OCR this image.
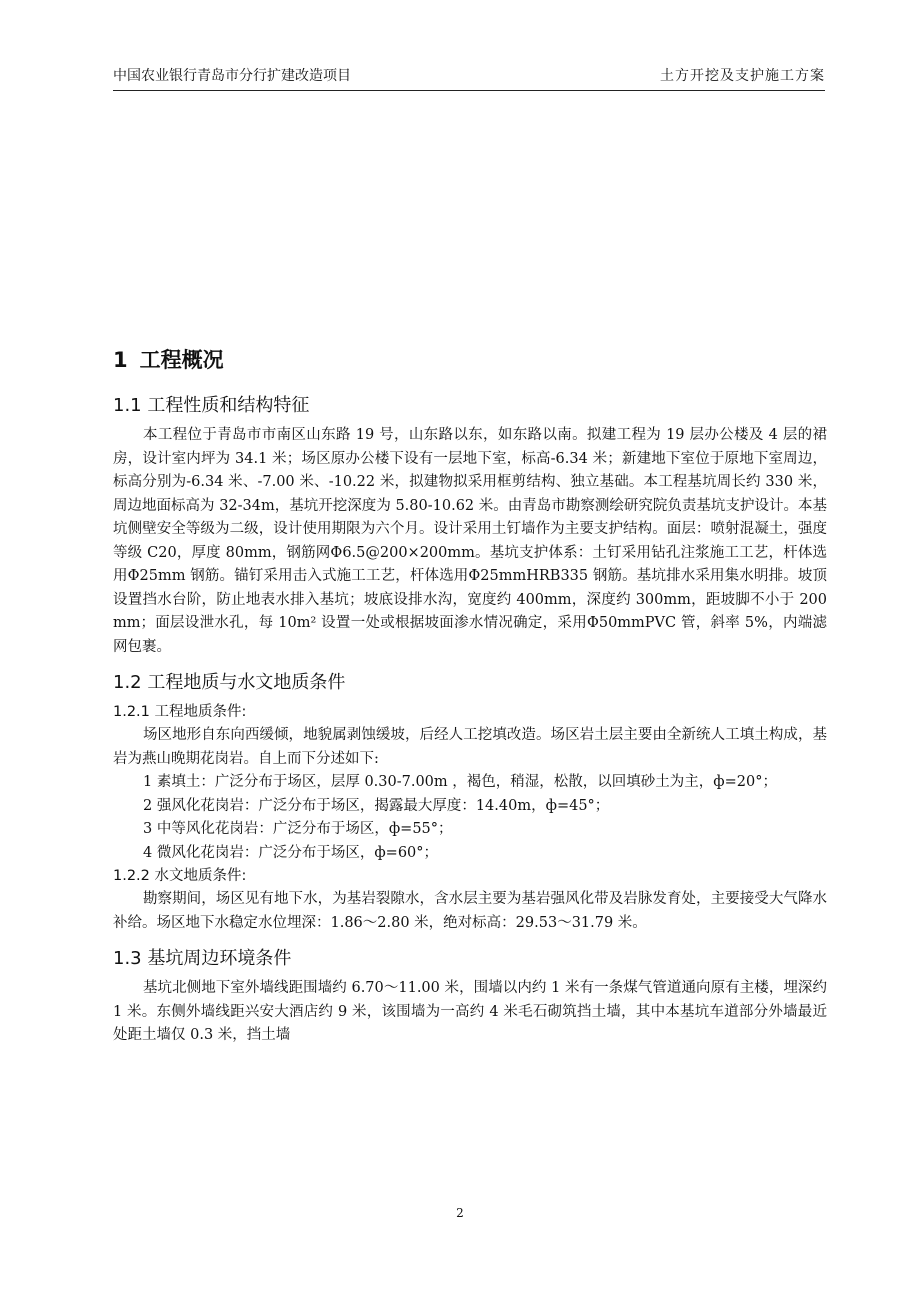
中国农业银行青岛市分行扩建改造项目	土方开挖及支护施工方案
1 工程概况
1.1 工程性质和结构特征

本工程位于青岛市市南区山东路 19 号，山东路以东，如东路以南。拟建工程为 19 层办公楼及 4 层的裙房，设计室内坪为 34.1 米；场区原办公楼下设有一层地下室，标高-6.34 米；新建地下室位于原地下室周边，标高分别为-6.34 米、-7.00 米、-10.22 米，拟建物拟采用框剪结构、独立基础。本工程基坑周长约 330 米，周边地面标高为 32-34m，基坑开挖深度为 5.80-10.62 米。由青岛市勘察测绘研究院负责基坑支护设计。本基坑侧壁安全等级为二级，设计使用期限为六个月。设计采用土钉墙作为主要支护结构。面层：喷射混凝土，强度等级 C20，厚度 80mm，钢筋网Φ6.5@200×200mm。基坑支护体系：土钉采用钻孔注浆施工工艺，杆体选用Φ25mm 钢筋。锚钉采用击入式施工工艺，杆体选用Φ25mmHRB335 钢筋。基坑排水采用集水明排。坡顶设置挡水台阶，防止地表水排入基坑；坡底设排水沟，宽度约 400mm，深度约 300mm，距坡脚不小于 200mm；面层设泄水孔，每 10m² 设置一处或根据坡面渗水情况确定，采用Φ50mmPVC 管，斜率 5%，内端滤网包裹。

1.2 工程地质与水文地质条件
1.2.1 工程地质条件:

场区地形自东向西缓倾，地貌属剥蚀缓坡，后经人工挖填改造。场区岩土层主要由全新统人工填土构成，基岩为燕山晚期花岗岩。自上而下分述如下:

1 素填土：广泛分布于场区，层厚 0.30-7.00m ，褐色，稍湿，松散，以回填砂土为主，ф=20°；

2 强风化花岗岩：广泛分布于场区，揭露最大厚度：14.40m，ф=45°；

3 中等风化花岗岩：广泛分布于场区，ф=55°；

4 微风化花岗岩：广泛分布于场区，ф=60°；

1.2.2 水文地质条件:

勘察期间，场区见有地下水，为基岩裂隙水，含水层主要为基岩强风化带及岩脉发育处，主要接受大气降水补给。场区地下水稳定水位埋深：1.86～2.80 米，绝对标高：29.53～31.79 米。

1.3 基坑周边环境条件

基坑北侧地下室外墙线距围墙约 6.70～11.00 米，围墙以内约 1 米有一条煤气管道通向原有主楼，埋深约 1 米。东侧外墙线距兴安大酒店约 9 米，该围墙为一高约 4 米毛石砌筑挡土墙，其中本基坑车道部分外墙最近处距土墙仅 0.3 米，挡土墙

2
